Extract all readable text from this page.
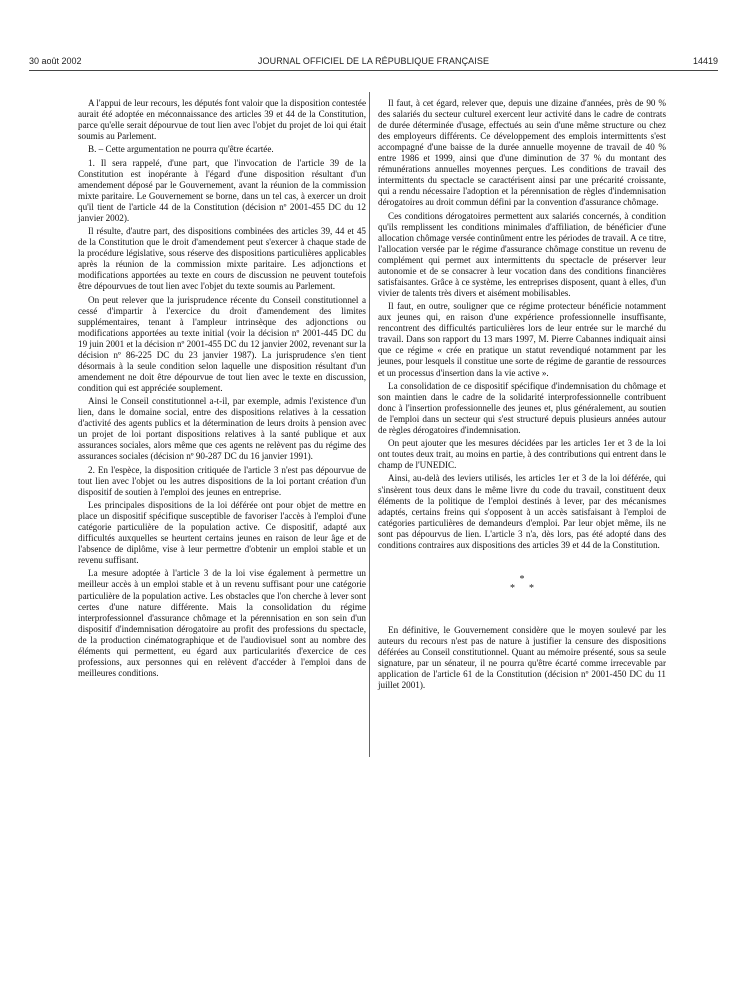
30 août 2002	JOURNAL OFFICIEL DE LA RÉPUBLIQUE FRANÇAISE	14419

A l'appui de leur recours, les députés font valoir que la disposition contestée aurait été adoptée en méconnaissance des articles 39 et 44 de la Constitution, parce qu'elle serait dépourvue de tout lien avec l'objet du projet de loi qui était soumis au Parlement.

B. – Cette argumentation ne pourra qu'être écartée.

1. Il sera rappelé, d'une part, que l'invocation de l'article 39 de la Constitution est inopérante à l'égard d'une disposition résultant d'un amendement déposé par le Gouvernement, avant la réunion de la commission mixte paritaire. Le Gouvernement se borne, dans un tel cas, à exercer un droit qu'il tient de l'article 44 de la Constitution (décision nº 2001-455 DC du 12 janvier 2002).

Il résulte, d'autre part, des dispositions combinées des articles 39, 44 et 45 de la Constitution que le droit d'amendement peut s'exercer à chaque stade de la procédure législative, sous réserve des dispositions particulières applicables après la réunion de la commission mixte paritaire. Les adjonctions et modifications apportées au texte en cours de discussion ne peuvent toutefois être dépourvues de tout lien avec l'objet du texte soumis au Parlement.

On peut relever que la jurisprudence récente du Conseil constitutionnel a cessé d'impartir à l'exercice du droit d'amendement des limites supplémentaires, tenant à l'ampleur intrinsèque des adjonctions ou modifications apportées au texte initial (voir la décision nº 2001-445 DC du 19 juin 2001 et la décision nº 2001-455 DC du 12 janvier 2002, revenant sur la décision nº 86-225 DC du 23 janvier 1987). La jurisprudence s'en tient désormais à la seule condition selon laquelle une disposition résultant d'un amendement ne doit être dépourvue de tout lien avec le texte en discussion, condition qui est appréciée souplement.

Ainsi le Conseil constitutionnel a-t-il, par exemple, admis l'existence d'un lien, dans le domaine social, entre des dispositions relatives à la cessation d'activité des agents publics et la détermination de leurs droits à pension avec un projet de loi portant dispositions relatives à la santé publique et aux assurances sociales, alors même que ces agents ne relèvent pas du régime des assurances sociales (décision nº 90-287 DC du 16 janvier 1991).

2. En l'espèce, la disposition critiquée de l'article 3 n'est pas dépourvue de tout lien avec l'objet ou les autres dispositions de la loi portant création d'un dispositif de soutien à l'emploi des jeunes en entreprise.

Les principales dispositions de la loi déférée ont pour objet de mettre en place un dispositif spécifique susceptible de favoriser l'accès à l'emploi d'une catégorie particulière de la population active. Ce dispositif, adapté aux difficultés auxquelles se heurtent certains jeunes en raison de leur âge et de l'absence de diplôme, vise à leur permettre d'obtenir un emploi stable et un revenu suffisant.

La mesure adoptée à l'article 3 de la loi vise également à permettre un meilleur accès à un emploi stable et à un revenu suffisant pour une catégorie particulière de la population active. Les obstacles que l'on cherche à lever sont certes d'une nature différente. Mais la consolidation du régime interprofessionnel d'assurance chômage et la pérennisation en son sein d'un dispositif d'indemnisation dérogatoire au profit des professions du spectacle, de la production cinématographique et de l'audiovisuel sont au nombre des éléments qui permettent, eu égard aux particularités d'exercice de ces professions, aux personnes qui en relèvent d'accéder à l'emploi dans de meilleures conditions.

Il faut, à cet égard, relever que, depuis une dizaine d'années, près de 90 % des salariés du secteur culturel exercent leur activité dans le cadre de contrats de durée déterminée d'usage, effectués au sein d'une même structure ou chez des employeurs différents. Ce développement des emplois intermittents s'est accompagné d'une baisse de la durée annuelle moyenne de travail de 40 % entre 1986 et 1999, ainsi que d'une diminution de 37 % du montant des rémunérations annuelles moyennes perçues. Les conditions de travail des intermittents du spectacle se caractérisent ainsi par une précarité croissante, qui a rendu nécessaire l'adoption et la pérennisation de règles d'indemnisation dérogatoires au droit commun défini par la convention d'assurance chômage.

Ces conditions dérogatoires permettent aux salariés concernés, à condition qu'ils remplissent les conditions minimales d'affiliation, de bénéficier d'une allocation chômage versée continûment entre les périodes de travail. A ce titre, l'allocation versée par le régime d'assurance chômage constitue un revenu de complément qui permet aux intermittents du spectacle de préserver leur autonomie et de se consacrer à leur vocation dans des conditions financières satisfaisantes. Grâce à ce système, les entreprises disposent, quant à elles, d'un vivier de talents très divers et aisément mobilisables.

Il faut, en outre, souligner que ce régime protecteur bénéficie notamment aux jeunes qui, en raison d'une expérience professionnelle insuffisante, rencontrent des difficultés particulières lors de leur entrée sur le marché du travail. Dans son rapport du 13 mars 1997, M. Pierre Cabannes indiquait ainsi que ce régime « crée en pratique un statut revendiqué notamment par les jeunes, pour lesquels il constitue une sorte de régime de garantie de ressources et un processus d'insertion dans la vie active ».

La consolidation de ce dispositif spécifique d'indemnisation du chômage et son maintien dans le cadre de la solidarité interprofessionnelle contribuent donc à l'insertion professionnelle des jeunes et, plus généralement, au soutien de l'emploi dans un secteur qui s'est structuré depuis plusieurs années autour de règles dérogatoires d'indemnisation.

On peut ajouter que les mesures décidées par les articles 1er et 3 de la loi ont toutes deux trait, au moins en partie, à des contributions qui entrent dans le champ de l'UNEDIC.

Ainsi, au-delà des leviers utilisés, les articles 1er et 3 de la loi déférée, qui s'insèrent tous deux dans le même livre du code du travail, constituent deux éléments de la politique de l'emploi destinés à lever, par des mécanismes adaptés, certains freins qui s'opposent à un accès satisfaisant à l'emploi de catégories particulières de demandeurs d'emploi. Par leur objet même, ils ne sont pas dépourvus de lien. L'article 3 n'a, dès lors, pas été adopté dans des conditions contraires aux dispositions des articles 39 et 44 de la Constitution.

*
* *

En définitive, le Gouvernement considère que le moyen soulevé par les auteurs du recours n'est pas de nature à justifier la censure des dispositions déférées au Conseil constitutionnel. Quant au mémoire présenté, sous sa seule signature, par un sénateur, il ne pourra qu'être écarté comme irrecevable par application de l'article 61 de la Constitution (décision nº 2001-450 DC du 11 juillet 2001).
